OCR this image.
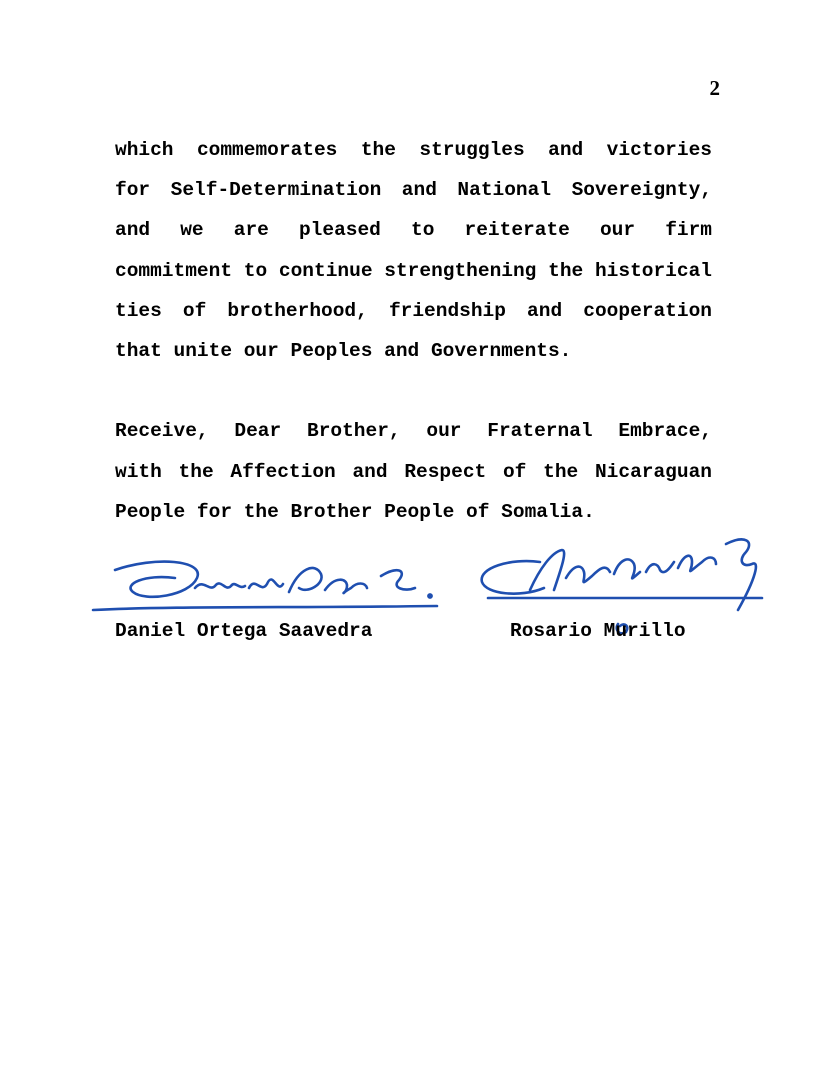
2

which commemorates the struggles and victories
for Self-Determination and National Sovereignty,
and we are pleased to reiterate our firm
commitment to continue strengthening the historical
ties of brotherhood, friendship and cooperation
that unite our Peoples and Governments.

Receive, Dear Brother, our Fraternal Embrace,
with the Affection and Respect of the Nicaraguan
People for the Brother People of Somalia.

Daniel Ortega Saavedra	Rosario Murillo
